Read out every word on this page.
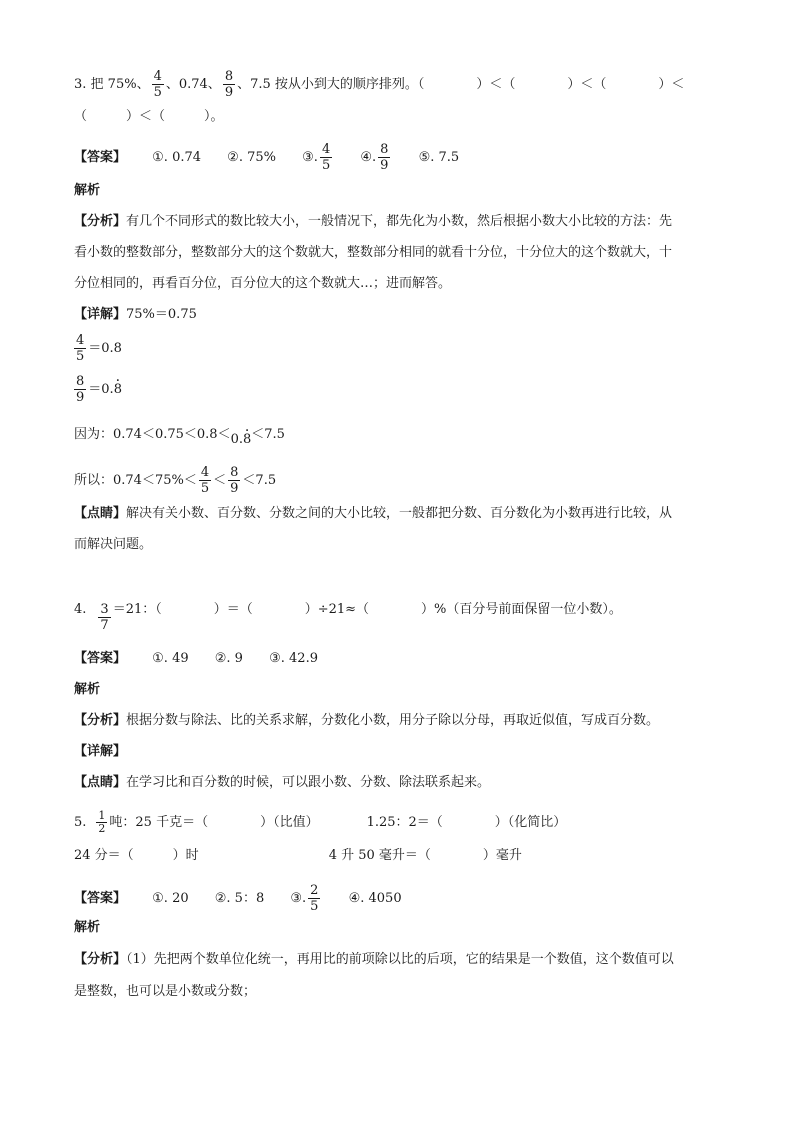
3. 把 75%、 $\frac{4}{5}$ 、0.74、 $\frac{8}{9}$ 、7.5 按从小到大的顺序排列。（　　　　）＜（　　　　）＜（　　　　）＜
（　　　）＜（　　　）。
【答案】 ①. 0.74 ②. 75% ③. $\frac{4}{5}$ ④. $\frac{8}{9}$ ⑤. 7.5
解析
【分析】有几个不同形式的数比较大小，一般情况下，都先化为小数，然后根据小数大小比较的方法：先
看小数的整数部分，整数部分大的这个数就大，整数部分相同的就看十分位，十分位大的这个数就大，十
分位相同的，再看百分位，百分位大的这个数就大…；进而解答。
【详解】75%＝0.75
$\frac{4}{5} =0.8$
$\frac{8}{9} =0.8$ ·
因为：0.74＜0.75＜0.8＜0.8 ·＜7.5
所以：$0.74<75\%< \frac{4}{5} < \frac{8}{9} <7.5$
【点睛】解决有关小数、百分数、分数之间的大小比较，一般都把分数、百分数化为小数再进行比较，从
而解决问题。
4. $\frac{3}{7} =21$：（　　　　）＝（　　　　）÷21≈（　　　　）%（百分号前面保留一位小数）。
【答案】 ①. 49 ②. 9 ③. 42.9
解析
【分析】根据分数与除法、比的关系求解，分数化小数，用分子除以分母，再取近似值，写成百分数。
【详解】
【点睛】在学习比和百分数的时候，可以跟小数、分数、除法联系起来。
5. $\frac{1}{2}$ 吨：25 千克＝（　　　　）（比值）	1.25：2＝（　　　　）（化简比）
24 分＝（　　　）时	4 升 50 毫升＝（　　　　）毫升
【答案】 ①. 20 ②. 5：8 ③. $\frac{2}{5}$ ④. 4050
解析
【分析】（1）先把两个数单位化统一，再用比的前项除以比的后项，它的结果是一个数值，这个数值可以
是整数，也可以是小数或分数；
